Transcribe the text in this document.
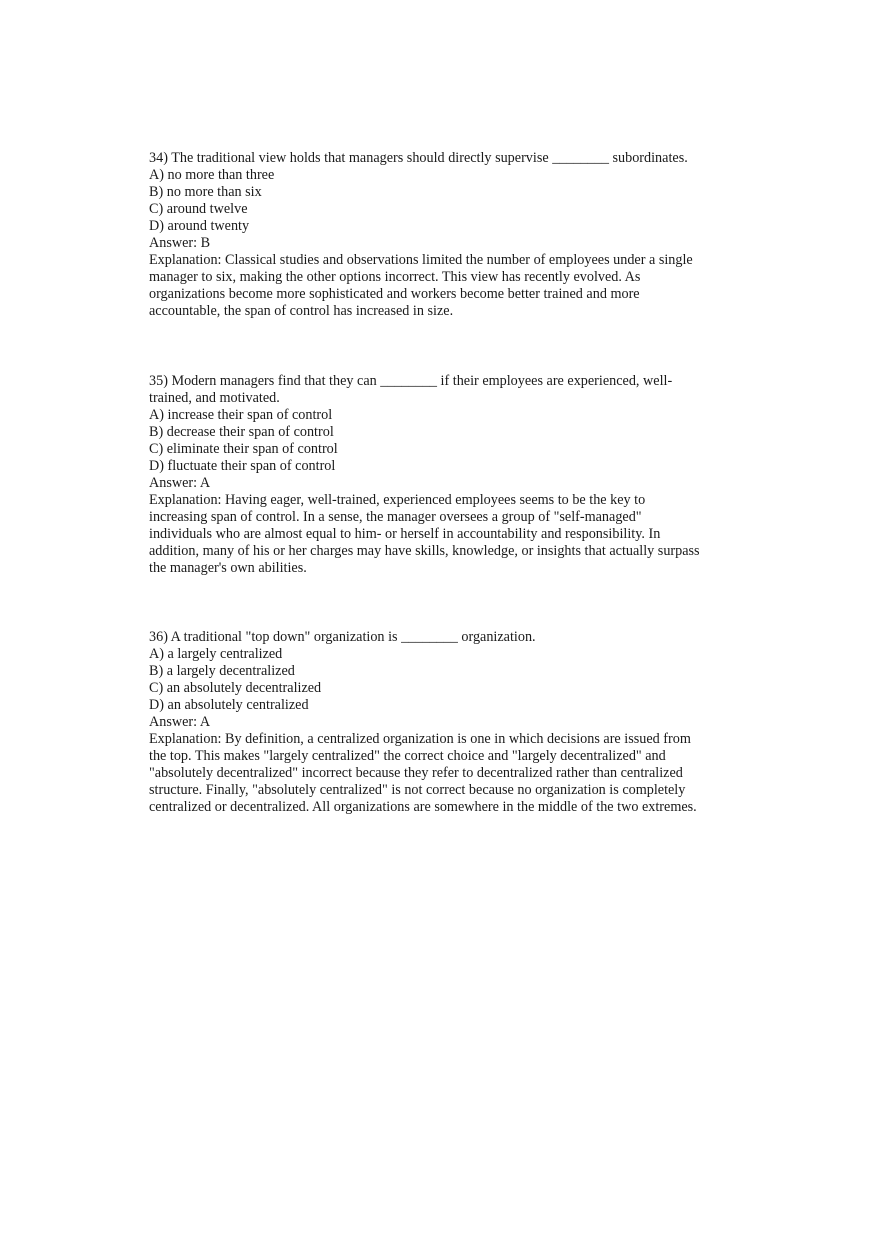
34) The traditional view holds that managers should directly supervise ________ subordinates.
A) no more than three
B) no more than six
C) around twelve
D) around twenty
Answer: B
Explanation: Classical studies and observations limited the number of employees under a single
manager to six, making the other options incorrect. This view has recently evolved. As
organizations become more sophisticated and workers become better trained and more
accountable, the span of control has increased in size.
35) Modern managers find that they can ________ if their employees are experienced, well-
trained, and motivated.
A) increase their span of control
B) decrease their span of control
C) eliminate their span of control
D) fluctuate their span of control
Answer: A
Explanation: Having eager, well-trained, experienced employees seems to be the key to
increasing span of control. In a sense, the manager oversees a group of "self-managed"
individuals who are almost equal to him- or herself in accountability and responsibility. In
addition, many of his or her charges may have skills, knowledge, or insights that actually surpass
the manager's own abilities.
36) A traditional "top down" organization is ________ organization.
A) a largely centralized
B) a largely decentralized
C) an absolutely decentralized
D) an absolutely centralized
Answer: A
Explanation: By definition, a centralized organization is one in which decisions are issued from
the top. This makes "largely centralized" the correct choice and "largely decentralized" and
"absolutely decentralized" incorrect because they refer to decentralized rather than centralized
structure. Finally, "absolutely centralized" is not correct because no organization is completely
centralized or decentralized. All organizations are somewhere in the middle of the two extremes.
